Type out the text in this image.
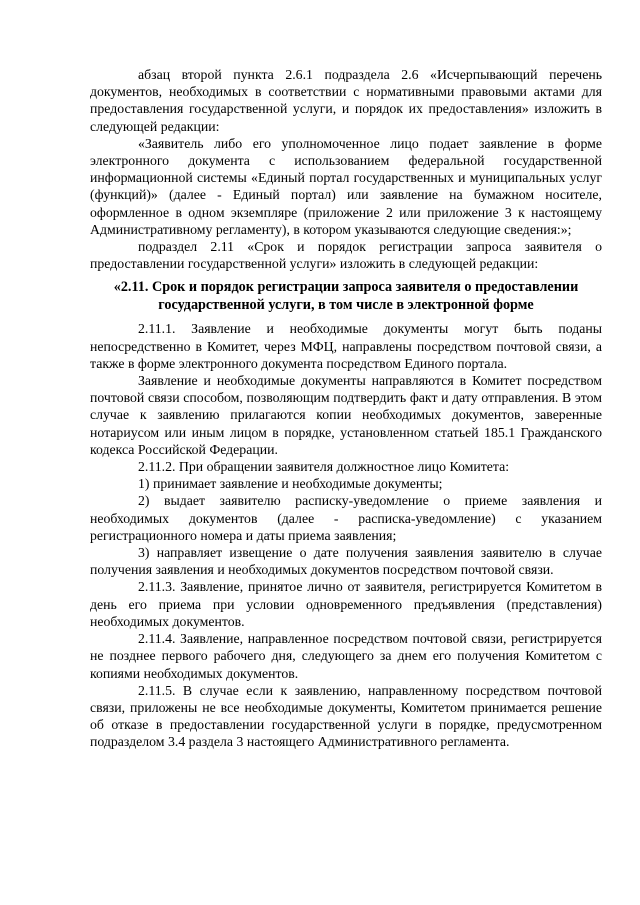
абзац второй пункта 2.6.1 подраздела 2.6 «Исчерпывающий перечень документов, необходимых в соответствии с нормативными правовыми актами для предоставления государственной услуги, и порядок их предоставления» изложить в следующей редакции:

«Заявитель либо его уполномоченное лицо подает заявление в форме электронного документа с использованием федеральной государственной информационной системы «Единый портал государственных и муниципальных услуг (функций)» (далее - Единый портал) или заявление на бумажном носителе, оформленное в одном экземпляре (приложение 2 или приложение 3 к настоящему Административному регламенту), в котором указываются следующие сведения:»;

подраздел 2.11 «Срок и порядок регистрации запроса заявителя о предоставлении государственной услуги» изложить в следующей редакции:

«2.11. Срок и порядок регистрации запроса заявителя о предоставлении государственной услуги, в том числе в электронной форме

2.11.1. Заявление и необходимые документы могут быть поданы непосредственно в Комитет, через МФЦ, направлены посредством почтовой связи, а также в форме электронного документа посредством Единого портала.

Заявление и необходимые документы направляются в Комитет посредством почтовой связи способом, позволяющим подтвердить факт и дату отправления. В этом случае к заявлению прилагаются копии необходимых документов, заверенные нотариусом или иным лицом в порядке, установленном статьей 185.1 Гражданского кодекса Российской Федерации.

2.11.2. При обращении заявителя должностное лицо Комитета:

1) принимает заявление и необходимые документы;

2) выдает заявителю расписку-уведомление о приеме заявления и необходимых документов (далее - расписка-уведомление) с указанием регистрационного номера и даты приема заявления;

3) направляет извещение о дате получения заявления заявителю в случае получения заявления и необходимых документов посредством почтовой связи.

2.11.3. Заявление, принятое лично от заявителя, регистрируется Комитетом в день его приема при условии одновременного предъявления (представления) необходимых документов.

2.11.4. Заявление, направленное посредством почтовой связи, регистрируется не позднее первого рабочего дня, следующего за днем его получения Комитетом с копиями необходимых документов.

2.11.5. В случае если к заявлению, направленному посредством почтовой связи, приложены не все необходимые документы, Комитетом принимается решение об отказе в предоставлении государственной услуги в порядке, предусмотренном подразделом 3.4 раздела 3 настоящего Административного регламента.
